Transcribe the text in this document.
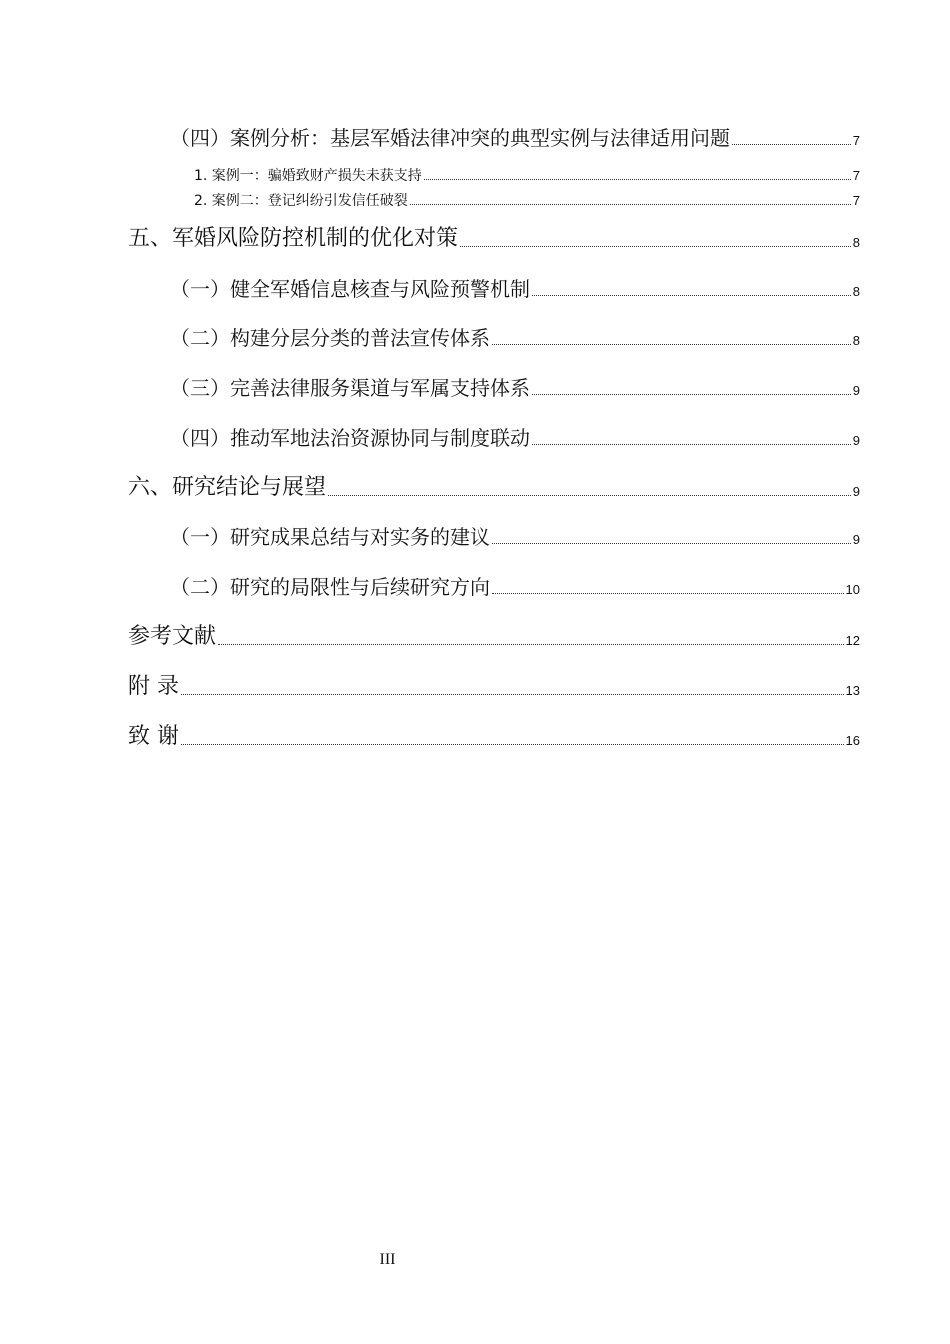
（四）案例分析：基层军婚法律冲突的典型实例与法律适用问题	7
1. 案例一：骗婚致财产损失未获支持	7
2. 案例二：登记纠纷引发信任破裂	7
五、军婚风险防控机制的优化对策	8
（一）健全军婚信息核查与风险预警机制	8
（二）构建分层分类的普法宣传体系	8
（三）完善法律服务渠道与军属支持体系	9
（四）推动军地法治资源协同与制度联动	9
六、研究结论与展望	9
（一）研究成果总结与对实务的建议	9
（二）研究的局限性与后续研究方向	10
参考文献	12
附 录	13
致 谢	16
III
